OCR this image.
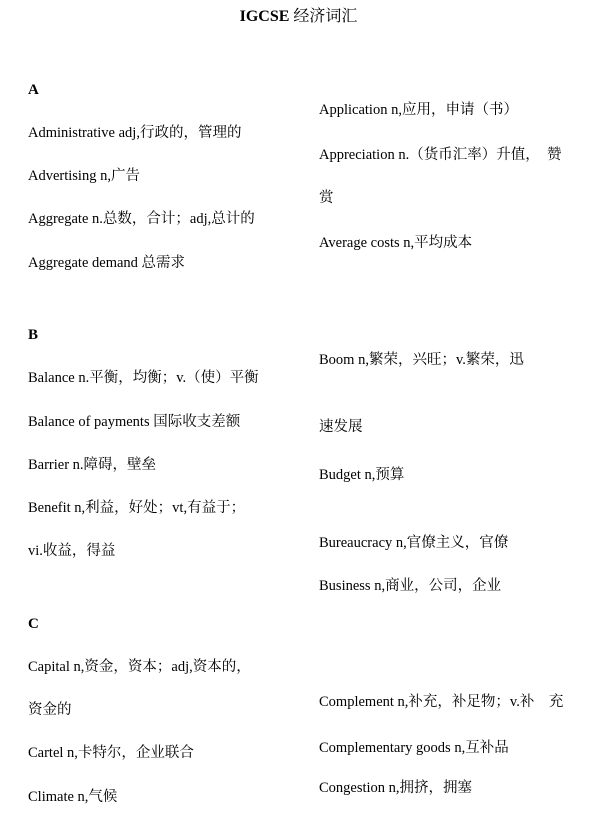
IGCSE 经济词汇
A
Administrative adj,行政的，管理的
Advertising n,广告
Aggregate n.总数，合计；adj,总计的
Aggregate demand 总需求
B
Balance n.平衡，均衡；v.（使）平衡
Balance of payments 国际收支差额
Barrier n.障碍，壁垒
Benefit n,利益，好处；vt,有益于；
vi.收益，得益
C
Capital n,资金，资本；adj,资本的，
资金的
Cartel n,卡特尔，企业联合
Climate n,气候
Application n,应用，申请（书）
Appreciation n.（货币汇率）升值，　赞
赏
Average costs n,平均成本
Boom n,繁荣，兴旺；v.繁荣，迅
速发展
Budget n,预算
Bureaucracy n,官僚主义，官僚
Business n,商业，公司，企业
Complement n,补充，补足物；v.补　充
Complementary goods n,互补品
Congestion n,拥挤，拥塞
